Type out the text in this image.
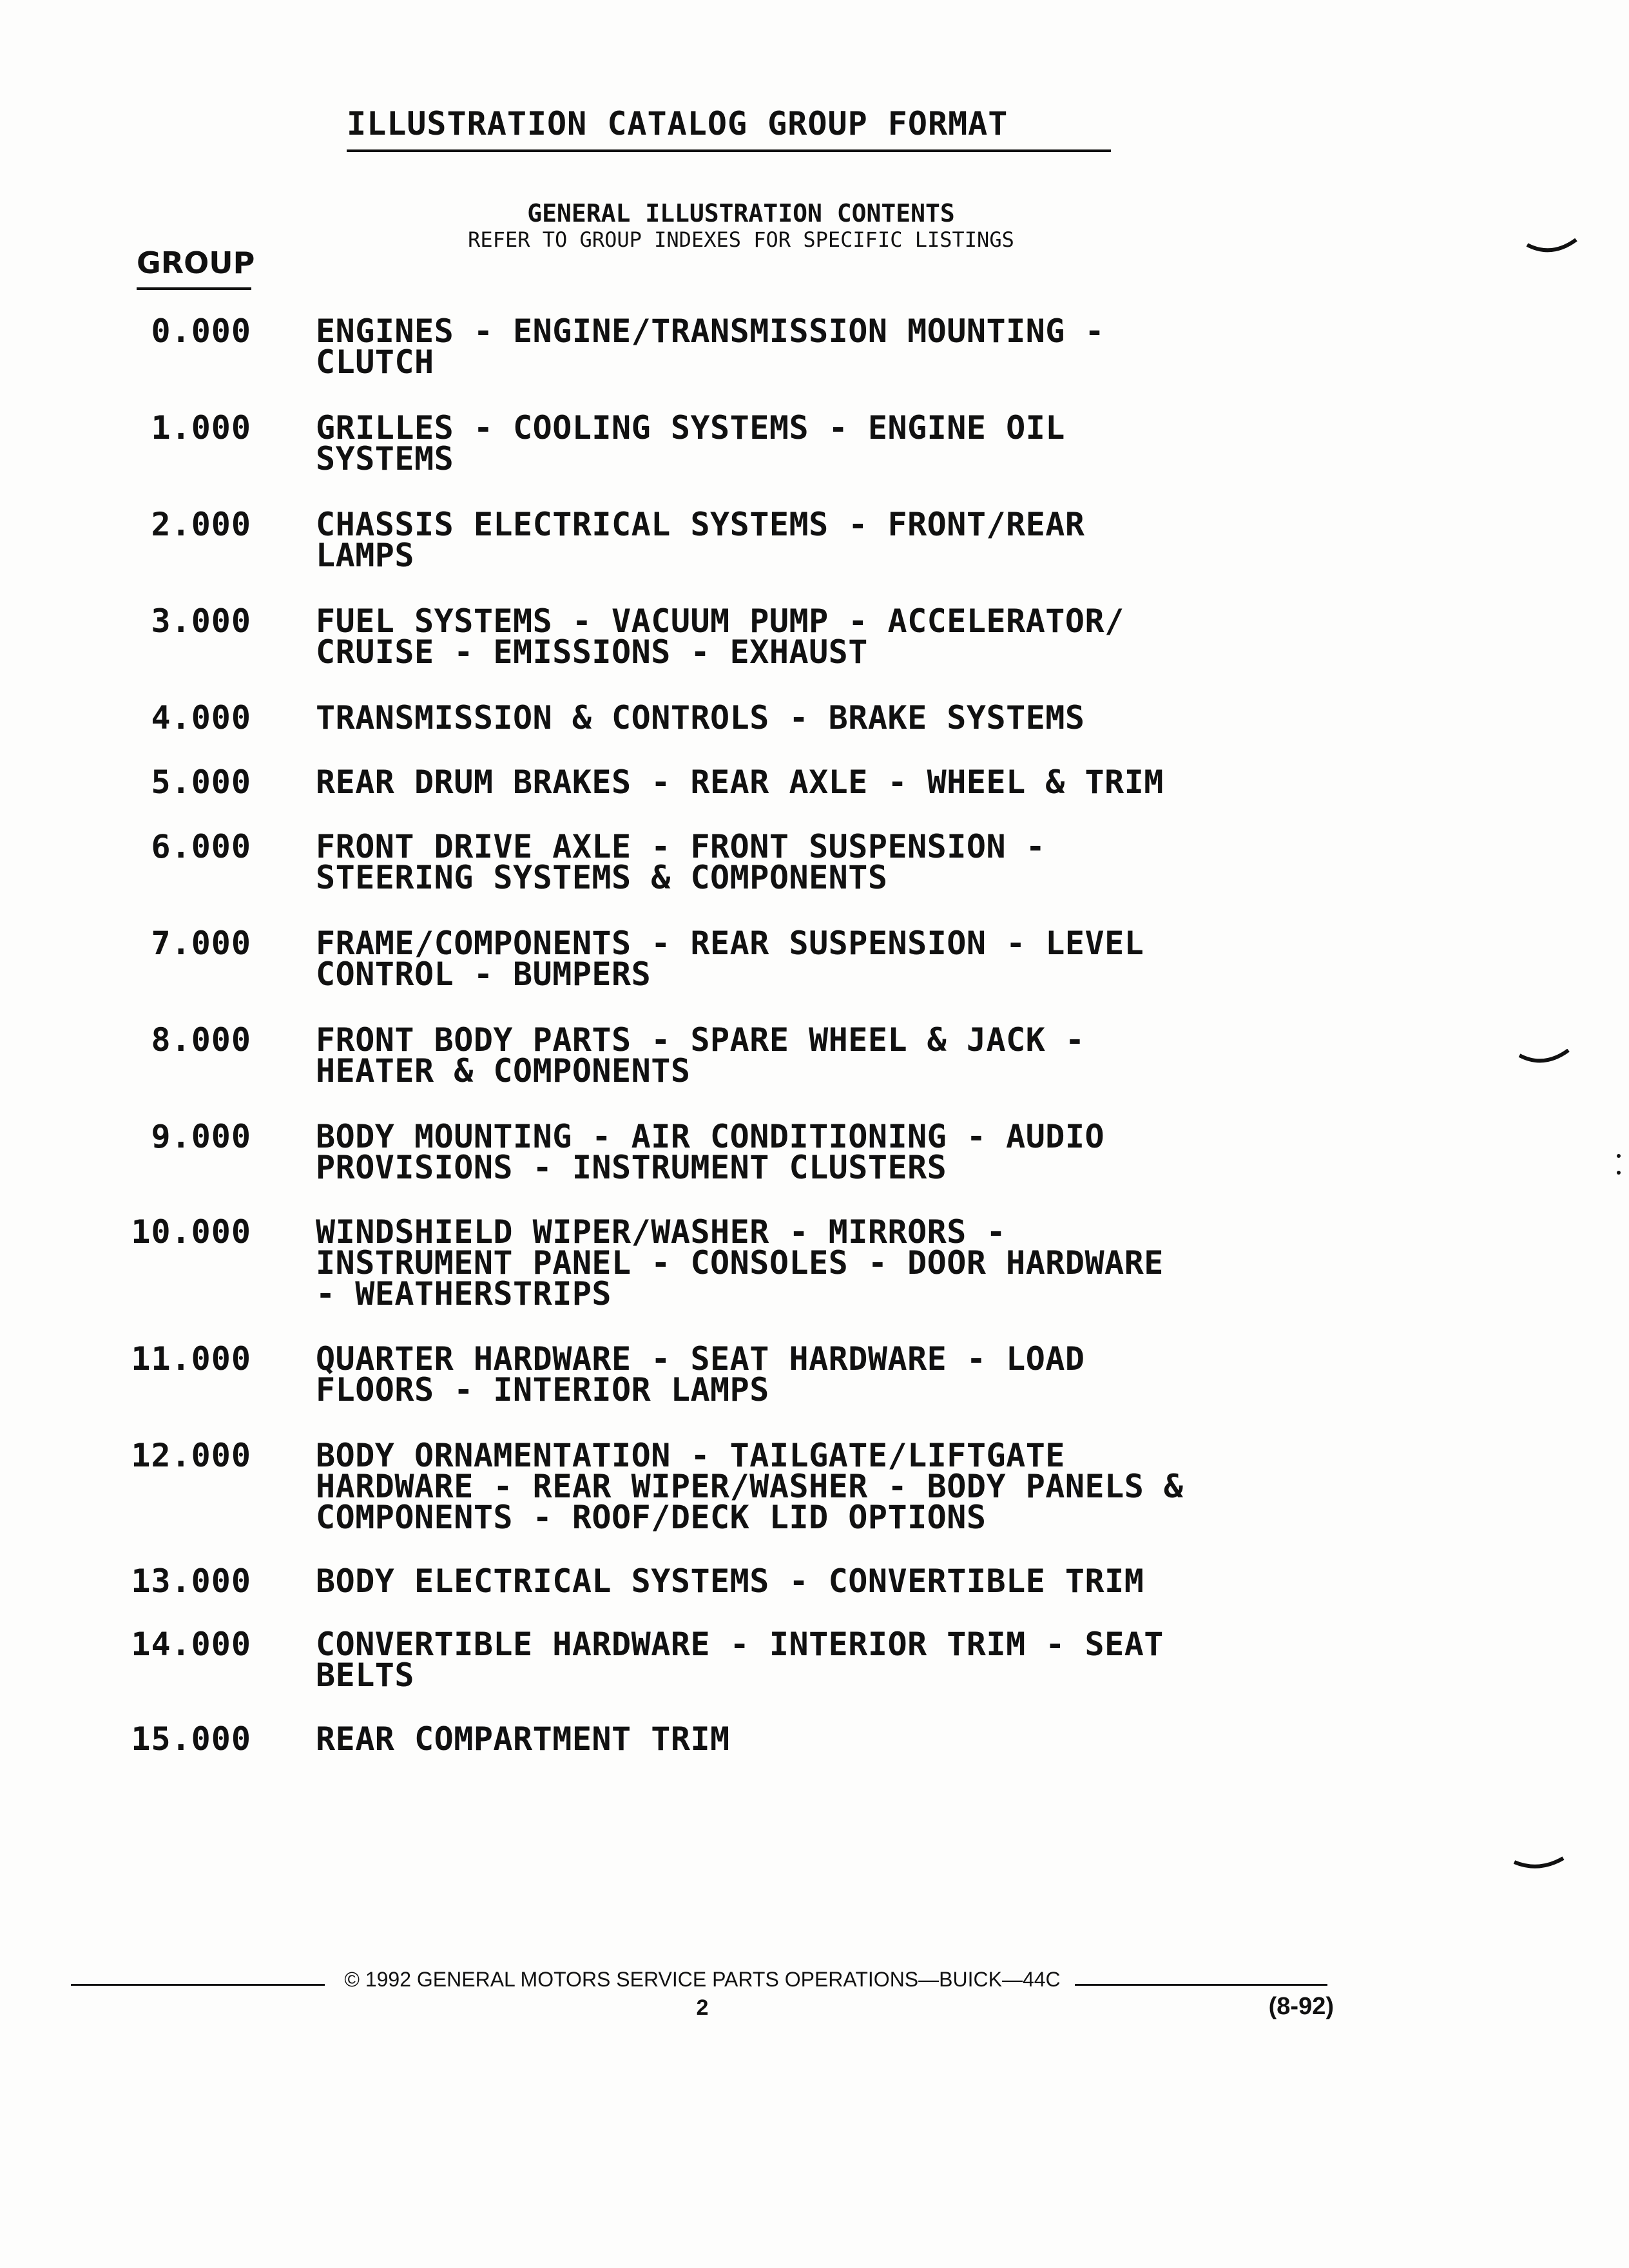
ILLUSTRATION CATALOG GROUP FORMAT
GENERAL ILLUSTRATION CONTENTS
REFER TO GROUP INDEXES FOR SPECIFIC LISTINGS
GROUP
0.000 ENGINES - ENGINE/TRANSMISSION MOUNTING -
CLUTCH
1.000 GRILLES - COOLING SYSTEMS - ENGINE OIL
SYSTEMS
2.000 CHASSIS ELECTRICAL SYSTEMS - FRONT/REAR
LAMPS
3.000 FUEL SYSTEMS - VACUUM PUMP - ACCELERATOR/
CRUISE - EMISSIONS - EXHAUST
4.000 TRANSMISSION & CONTROLS - BRAKE SYSTEMS
5.000 REAR DRUM BRAKES - REAR AXLE - WHEEL & TRIM
6.000 FRONT DRIVE AXLE - FRONT SUSPENSION -
STEERING SYSTEMS & COMPONENTS
7.000 FRAME/COMPONENTS - REAR SUSPENSION - LEVEL
CONTROL - BUMPERS
8.000 FRONT BODY PARTS - SPARE WHEEL & JACK -
HEATER & COMPONENTS
9.000 BODY MOUNTING - AIR CONDITIONING - AUDIO
PROVISIONS - INSTRUMENT CLUSTERS
10.000 WINDSHIELD WIPER/WASHER - MIRRORS -
INSTRUMENT PANEL - CONSOLES - DOOR HARDWARE
- WEATHERSTRIPS
11.000 QUARTER HARDWARE - SEAT HARDWARE - LOAD
FLOORS - INTERIOR LAMPS
12.000 BODY ORNAMENTATION - TAILGATE/LIFTGATE
HARDWARE - REAR WIPER/WASHER - BODY PANELS &
COMPONENTS - ROOF/DECK LID OPTIONS
13.000 BODY ELECTRICAL SYSTEMS - CONVERTIBLE TRIM
14.000 CONVERTIBLE HARDWARE - INTERIOR TRIM - SEAT
BELTS
15.000 REAR COMPARTMENT TRIM
© 1992 GENERAL MOTORS SERVICE PARTS OPERATIONS—BUICK—44C
2	(8-92)
